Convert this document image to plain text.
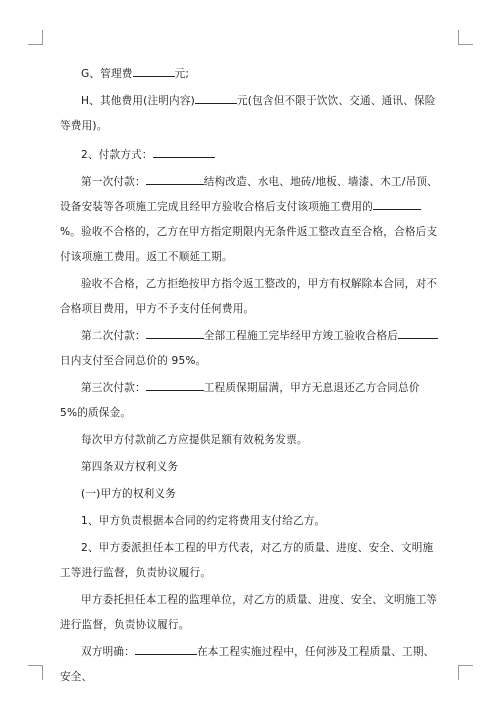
G、管理费	元;

H、其他费用(注明内容)	元(包含但不限于饮饮、交通、通讯、保险等费用)。

2、付款方式：

第一次付款：	结构改造、水电、地砖/地板、墙漆、木工/吊顶、设备安装等各项施工完成且经甲方验收合格后支付该项施工费用的%。验收不合格的，乙方在甲方指定期限内无条件返工整改直至合格，合格后支付该项施工费用。返工不顺延工期。

验收不合格，乙方拒绝按甲方指令返工整改的，甲方有权解除本合同，对不合格项目费用，甲方不予支付任何费用。

第二次付款：	全部工程施工完毕经甲方竣工验收合格后日内支付至合同总价的 95%。

第三次付款：	工程质保期届满，甲方无息退还乙方合同总价 5%的质保金。

每次甲方付款前乙方应提供足额有效税务发票。

第四条双方权利义务

(一)甲方的权利义务

1、甲方负责根据本合同的约定将费用支付给乙方。

2、甲方委派担任本工程的甲方代表，对乙方的质量、进度、安全、文明施工等进行监督，负责协议履行。

甲方委托担任本工程的监理单位，对乙方的质量、进度、安全、文明施工等进行监督，负责协议履行。

双方明确：	在本工程实施过程中，任何涉及工程质量、工期、安全、
